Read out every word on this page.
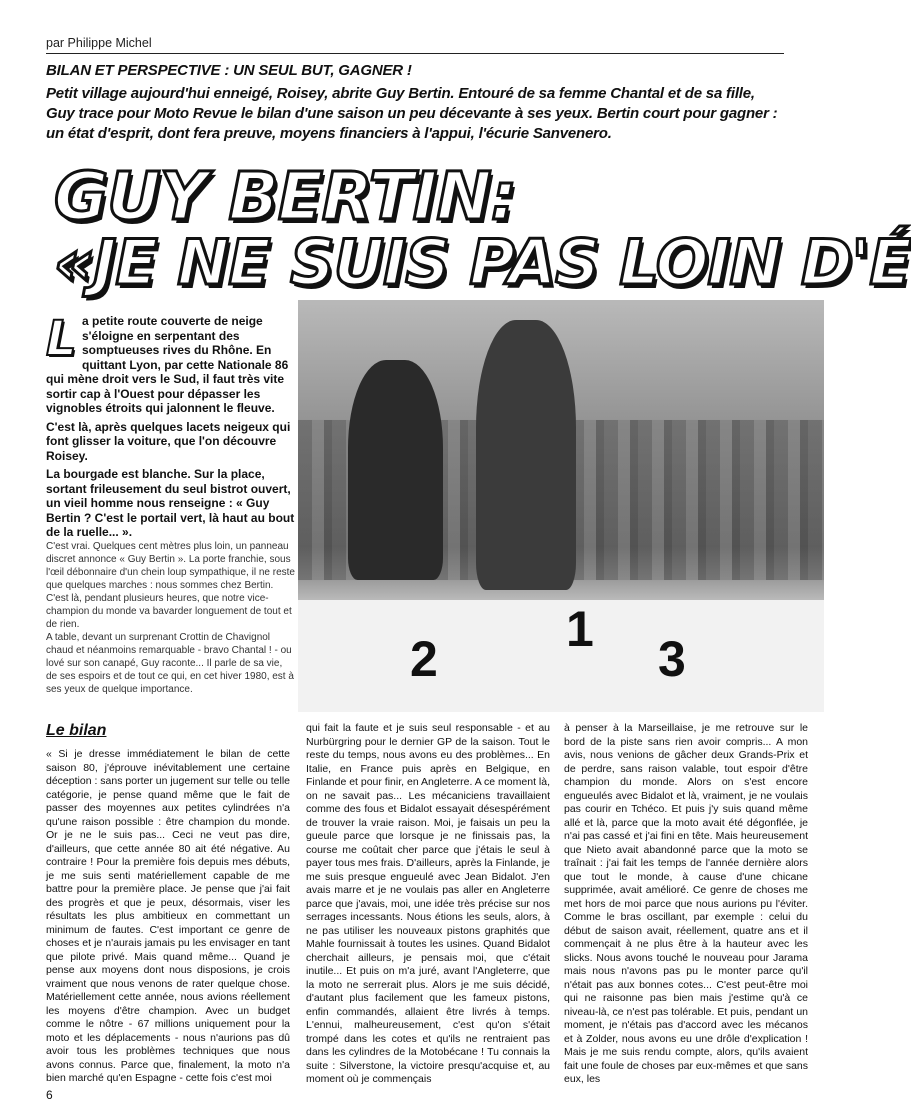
par Philippe Michel
BILAN ET PERSPECTIVE : UN SEUL BUT, GAGNER !
Petit village aujourd'hui enneigé, Roisey, abrite Guy Bertin. Entouré de sa femme Chantal et de sa fille, Guy trace pour Moto Revue le bilan d'une saison un peu décevante à ses yeux. Bertin court pour gagner : un état d'esprit, dont fera preuve, moyens financiers à l'appui, l'écurie Sanvenero.
GUY BERTIN:
«JE NE SUIS PAS LOIN D'É
L a petite route couverte de neige s'éloigne en serpentant des somptueuses rives du Rhône. En quittant Lyon, par cette Nationale 86 qui mène droit vers le Sud, il faut très vite sortir cap à l'Ouest pour dépasser les vignobles étroits qui jalonnent le fleuve.

C'est là, après quelques lacets neigeux qui font glisser la voiture, que l'on découvre Roisey.

La bourgade est blanche. Sur la place, sortant frileusement du seul bistrot ouvert, un vieil homme nous renseigne : « Guy Bertin ? C'est le portail vert, là haut au bout de la ruelle... ».

C'est vrai. Quelques cent mètres plus loin, un panneau discret annonce « Guy Bertin ». La porte franchie, sous l'œil débonnaire d'un chein loup sympathique, il ne reste que quelques marches : nous sommes chez Bertin.

C'est là, pendant plusieurs heures, que notre vice-champion du monde va bavarder longuement de tout et de rien.

A table, devant un surprenant Crottin de Chavignol chaud et néanmoins remarquable - bravo Chantal ! - ou lové sur son canapé, Guy raconte... Il parle de sa vie, de ses espoirs et de tout ce qui, en cet hiver 1980, est à ses yeux de quelque importance.

2
1
3
Le bilan

« Si je dresse immédiatement le bilan de cette saison 80, j'éprouve inévitablement une certaine déception : sans porter un jugement sur telle ou telle catégorie, je pense quand même que le fait de passer des moyennes aux petites cylindrées n'a qu'une raison possible : être champion du monde. Or je ne le suis pas... Ceci ne veut pas dire, d'ailleurs, que cette année 80 ait été négative. Au contraire ! Pour la première fois depuis mes débuts, je me suis senti matériellement capable de me battre pour la première place. Je pense que j'ai fait des progrès et que je peux, désormais, viser les résultats les plus ambitieux en commettant un minimum de fautes. C'est important ce genre de choses et je n'aurais jamais pu les envisager en tant que pilote privé. Mais quand même... Quand je pense aux moyens dont nous disposions, je crois vraiment que nous venons de rater quelque chose. Matériellement cette année, nous avions réellement les moyens d'être champion. Avec un budget comme le nôtre - 67 millions uniquement pour la moto et les déplacements - nous n'aurions pas dû avoir tous les problèmes techniques que nous avons connus. Parce que, finalement, la moto n'a bien marché qu'en Espagne - cette fois c'est moi

qui fait la faute et je suis seul responsable - et au Nurbürgring pour le dernier GP de la saison. Tout le reste du temps, nous avons eu des problèmes... En Italie, en France puis après en Belgique, en Finlande et pour finir, en Angleterre. A ce moment là, on ne savait pas... Les mécaniciens travaillaient comme des fous et Bidalot essayait désespérément de trouver la vraie raison. Moi, je faisais un peu la gueule parce que lorsque je ne finissais pas, la course me coûtait cher parce que j'étais le seul à payer tous mes frais. D'ailleurs, après la Finlande, je me suis presque engueulé avec Jean Bidalot. J'en avais marre et je ne voulais pas aller en Angleterre parce que j'avais, moi, une idée très précise sur nos serrages incessants. Nous étions les seuls, alors, à ne pas utiliser les nouveaux pistons graphités que Mahle fournissait à toutes les usines. Quand Bidalot cherchait ailleurs, je pensais moi, que c'était inutile... Et puis on m'a juré, avant l'Angleterre, que la moto ne serrerait plus. Alors je me suis décidé, d'autant plus facilement que les fameux pistons, enfin commandés, allaient être livrés à temps. L'ennui, malheureusement, c'est qu'on s'était trompé dans les cotes et qu'ils ne rentraient pas dans les cylindres de la Motobécane ! Tu connais la suite : Silverstone, la victoire presqu'acquise et, au moment où je commençais

à penser à la Marseillaise, je me retrouve sur le bord de la piste sans rien avoir compris... A mon avis, nous venions de gâcher deux Grands-Prix et de perdre, sans raison valable, tout espoir d'être champion du monde. Alors on s'est encore engueulés avec Bidalot et là, vraiment, je ne voulais pas courir en Tchéco. Et puis j'y suis quand même allé et là, parce que la moto avait été dégonflée, je n'ai pas cassé et j'ai fini en tête. Mais heureusement que Nieto avait abandonné parce que la moto se traînait : j'ai fait les temps de l'année dernière alors que tout le monde, à cause d'une chicane supprimée, avait amélioré. Ce genre de choses me met hors de moi parce que nous aurions pu l'éviter. Comme le bras oscillant, par exemple : celui du début de saison avait, réellement, quatre ans et il commençait à ne plus être à la hauteur avec les slicks. Nous avons touché le nouveau pour Jarama mais nous n'avons pas pu le monter parce qu'il n'était pas aux bonnes cotes... C'est peut-être moi qui ne raisonne pas bien mais j'estime qu'à ce niveau-là, ce n'est pas tolérable. Et puis, pendant un moment, je n'étais pas d'accord avec les mécanos et à Zolder, nous avons eu une drôle d'explication ! Mais je me suis rendu compte, alors, qu'ils avaient fait une foule de choses par eux-mêmes et que sans eux, les

6
